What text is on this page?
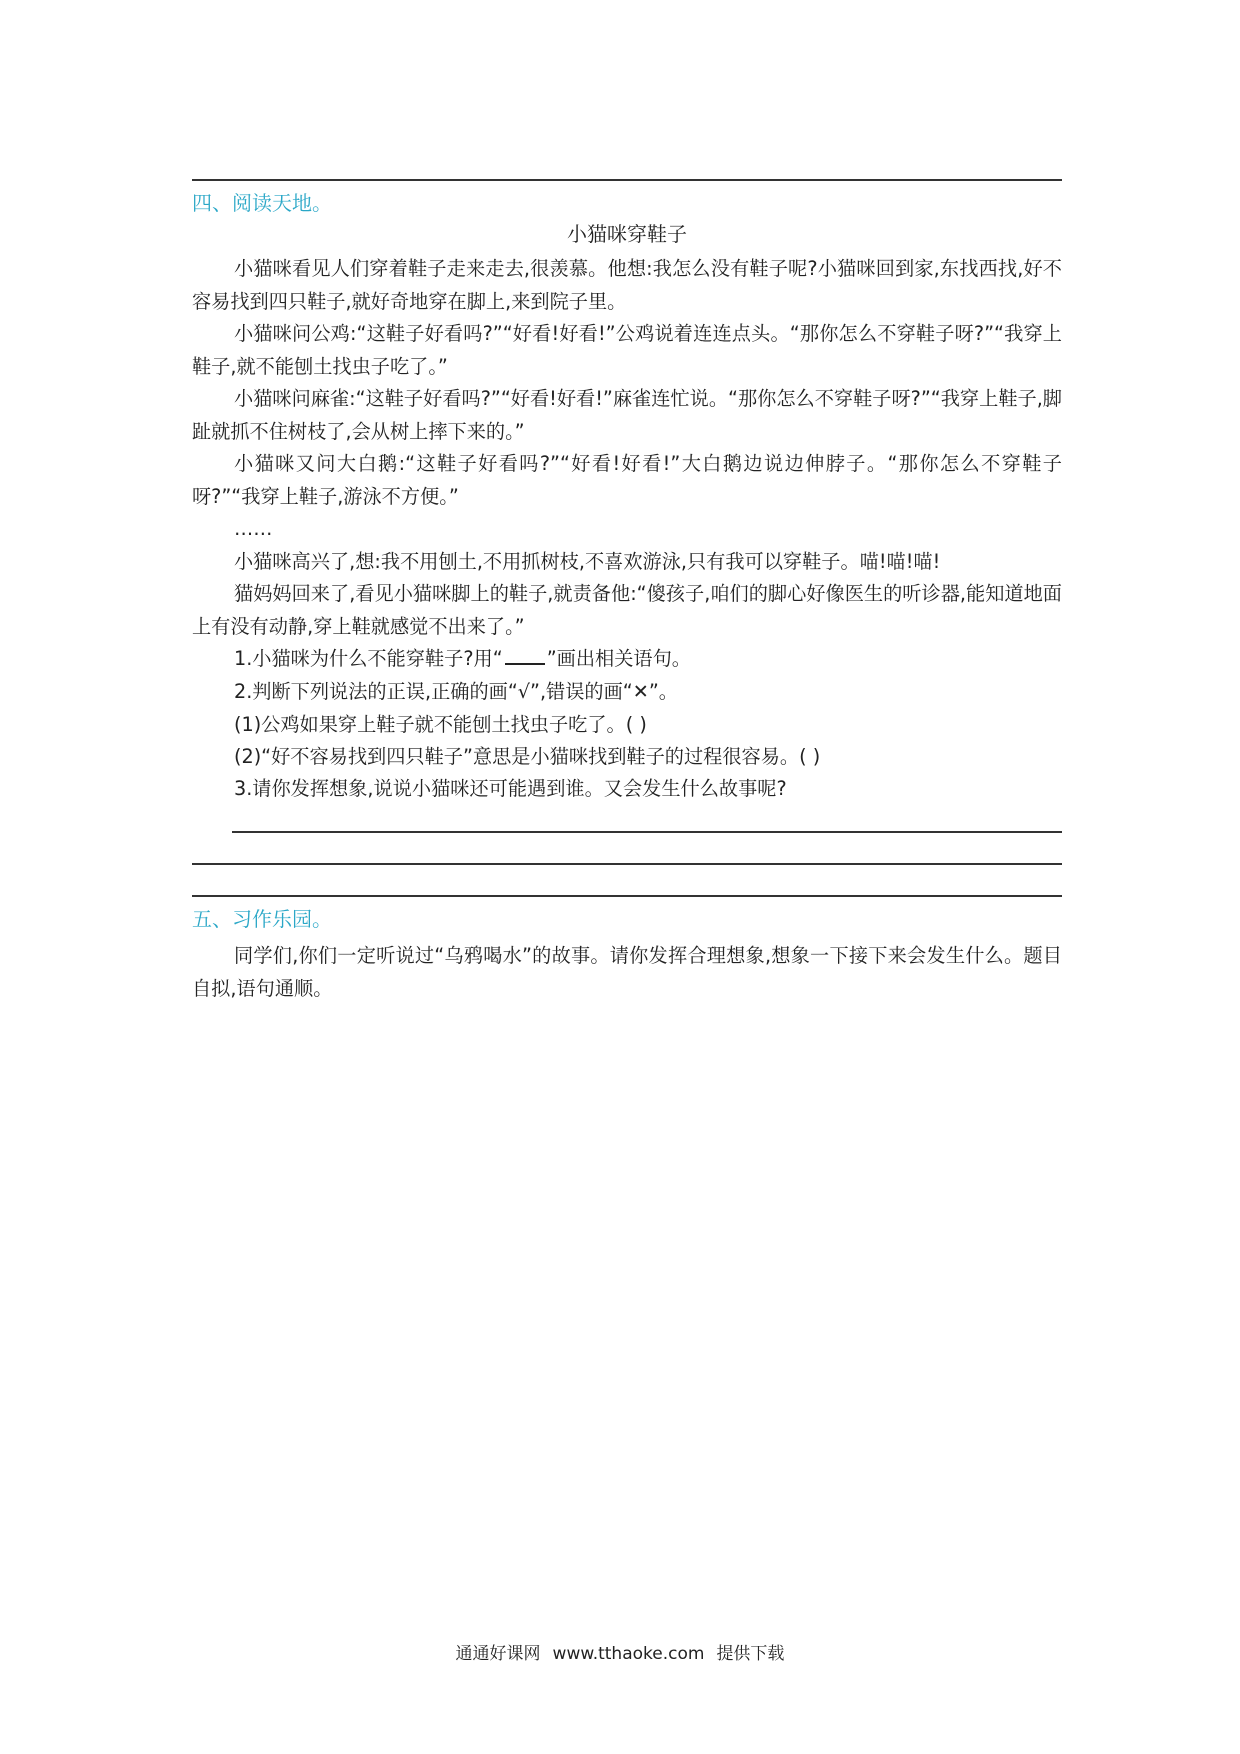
四、阅读天地。
小猫咪穿鞋子

小猫咪看见人们穿着鞋子走来走去,很羡慕。他想:我怎么没有鞋子呢?小猫咪回到家,东找西找,好不容易找到四只鞋子,就好奇地穿在脚上,来到院子里。

小猫咪问公鸡:“这鞋子好看吗?”“好看!好看!”公鸡说着连连点头。“那你怎么不穿鞋子呀?”“我穿上鞋子,就不能刨土找虫子吃了。”

小猫咪问麻雀:“这鞋子好看吗?”“好看!好看!”麻雀连忙说。“那你怎么不穿鞋子呀?”“我穿上鞋子,脚趾就抓不住树枝了,会从树上摔下来的。”

小猫咪又问大白鹅:“这鞋子好看吗?”“好看!好看!”大白鹅边说边伸脖子。“那你怎么不穿鞋子呀?”“我穿上鞋子,游泳不方便。”

……

小猫咪高兴了,想:我不用刨土,不用抓树枝,不喜欢游泳,只有我可以穿鞋子。喵!喵!喵!

猫妈妈回来了,看见小猫咪脚上的鞋子,就责备他:“傻孩子,咱们的脚心好像医生的听诊器,能知道地面上有没有动静,穿上鞋就感觉不出来了。”

1.小猫咪为什么不能穿鞋子?用“ ”画出相关语句。

2.判断下列说法的正误,正确的画“√”,错误的画“✕”。

(1)公鸡如果穿上鞋子就不能刨土找虫子吃了。( )

(2)“好不容易找到四只鞋子”意思是小猫咪找到鞋子的过程很容易。( )

3.请你发挥想象,说说小猫咪还可能遇到谁。又会发生什么故事呢?

五、习作乐园。

同学们,你们一定听说过“乌鸦喝水”的故事。请你发挥合理想象,想象一下接下来会发生什么。题目自拟,语句通顺。

通通好课网 www.tthaoke.com 提供下载
